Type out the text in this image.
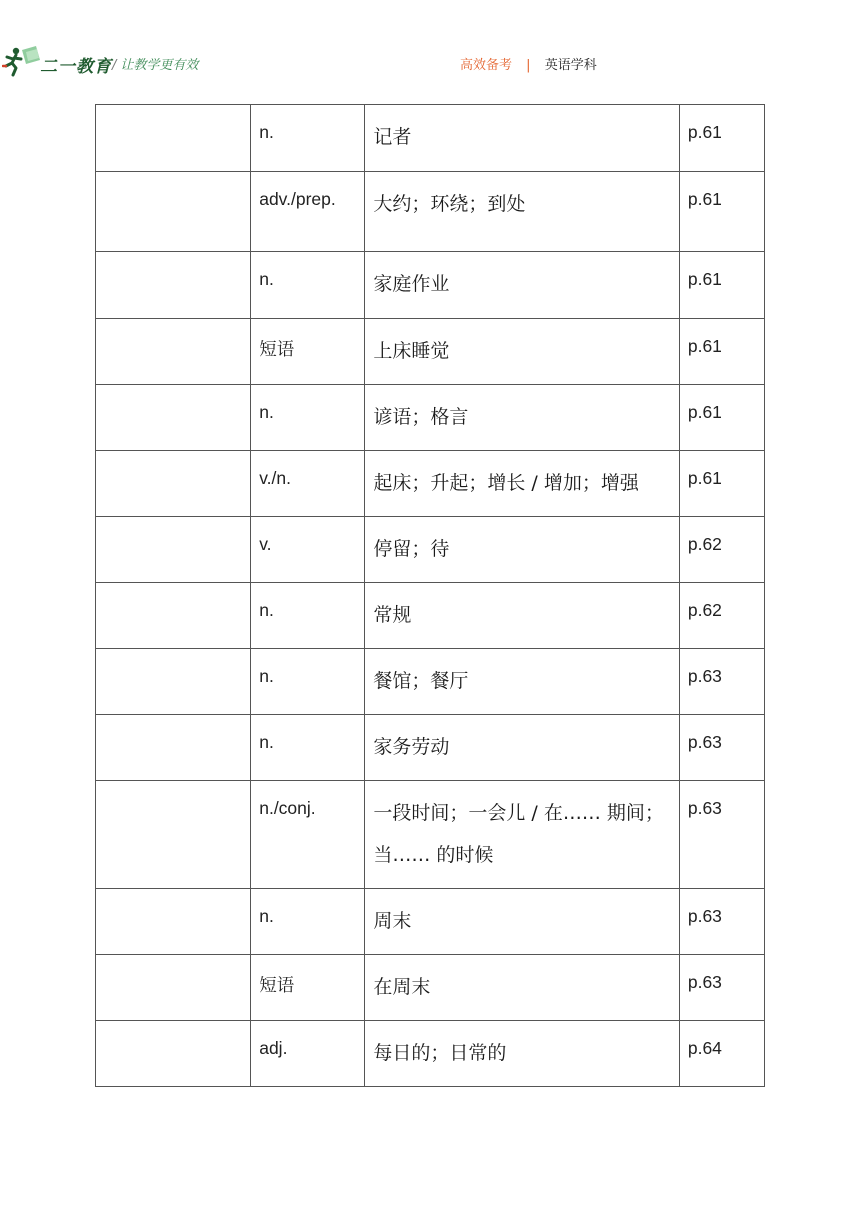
二一教育 / 让教学更有效	高效备考 | 英语学科

	n.	记者	p.61

	adv./prep.	大约；环绕；到处	p.61

	n.	家庭作业	p.61

	短语	上床睡觉	p.61

	n.	谚语；格言	p.61

	v./n.	起床；升起；增长 / 增加；增强	p.61

	v.	停留；待	p.62

	n.	常规	p.62

	n.	餐馆；餐厅	p.63

	n.	家务劳动	p.63

	n./conj.	一段时间；一会儿 / 在…… 期间；当…… 的时候	p.63

	n.	周末	p.63

	短语	在周末	p.63

	adj.	每日的；日常的	p.64
